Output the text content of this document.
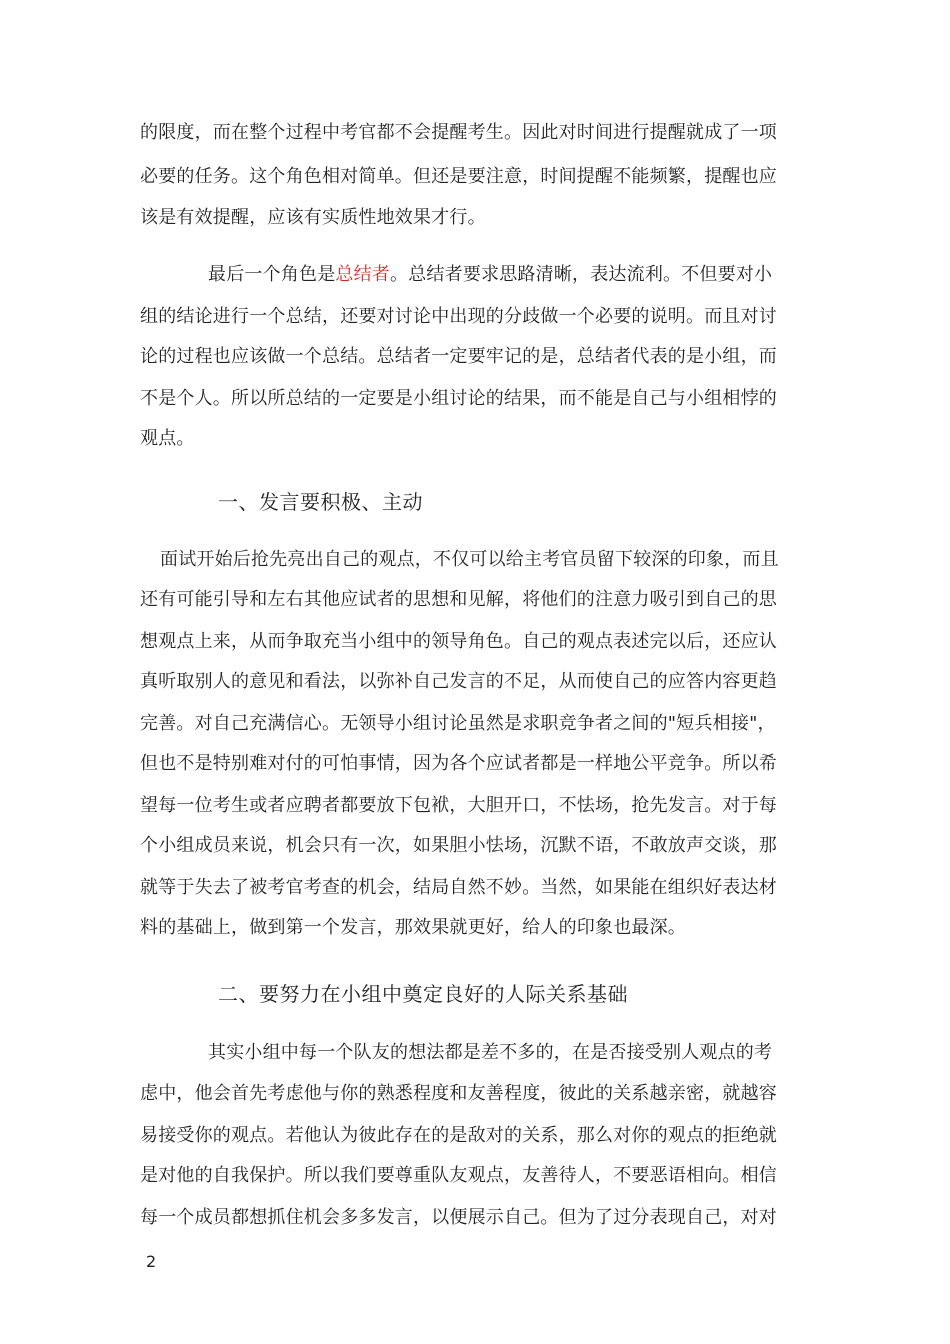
的限度，而在整个过程中考官都不会提醒考生。因此对时间进行提醒就成了一项
必要的任务。这个角色相对简单。但还是要注意，时间提醒不能频繁，提醒也应
该是有效提醒，应该有实质性地效果才行。
最后一个角色是总结者。总结者要求思路清晰，表达流利。不但要对小
组的结论进行一个总结，还要对讨论中出现的分歧做一个必要的说明。而且对讨
论的过程也应该做一个总结。总结者一定要牢记的是，总结者代表的是小组，而
不是个人。所以所总结的一定要是小组讨论的结果，而不能是自己与小组相悖的
观点。
一、发言要积极、主动
面试开始后抢先亮出自己的观点，不仅可以给主考官员留下较深的印象，而且
还有可能引导和左右其他应试者的思想和见解，将他们的注意力吸引到自己的思
想观点上来，从而争取充当小组中的领导角色。自己的观点表述完以后，还应认
真听取别人的意见和看法，以弥补自己发言的不足，从而使自己的应答内容更趋
完善。对自己充满信心。无领导小组讨论虽然是求职竞争者之间的"短兵相接"，
但也不是特别难对付的可怕事情，因为各个应试者都是一样地公平竞争。所以希
望每一位考生或者应聘者都要放下包袱，大胆开口，不怯场，抢先发言。对于每
个小组成员来说，机会只有一次，如果胆小怯场，沉默不语，不敢放声交谈，那
就等于失去了被考官考查的机会，结局自然不妙。当然，如果能在组织好表达材
料的基础上，做到第一个发言，那效果就更好，给人的印象也最深。
二、要努力在小组中奠定良好的人际关系基础
其实小组中每一个队友的想法都是差不多的，在是否接受别人观点的考
虑中，他会首先考虑他与你的熟悉程度和友善程度，彼此的关系越亲密，就越容
易接受你的观点。若他认为彼此存在的是敌对的关系，那么对你的观点的拒绝就
是对他的自我保护。所以我们要尊重队友观点，友善待人，不要恶语相向。相信
每一个成员都想抓住机会多多发言，以便展示自己。但为了过分表现自己，对对
2
